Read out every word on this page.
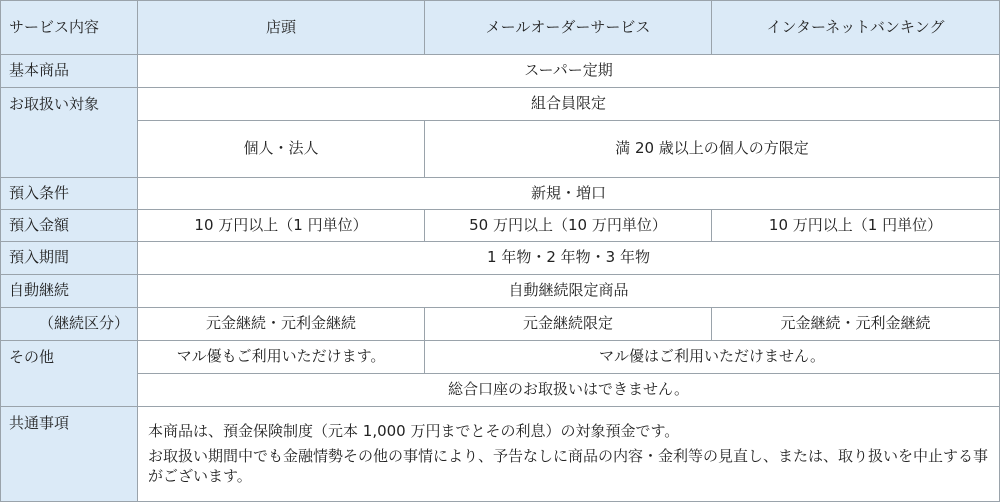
サービス内容	店頭	メールオーダーサービス	インターネットバンキング
基本商品	スーパー定期		
お取扱い対象	組合員限定		
	個人・法人	満 20 歳以上の個人の方限定	
預入条件	新規・増口		
預入金額	10 万円以上（1 円単位）	50 万円以上（10 万円単位）	10 万円以上（1 円単位）
預入期間	1 年物・2 年物・3 年物		
自動継続	自動継続限定商品		
（継続区分）	元金継続・元利金継続	元金継続限定	元金継続・元利金継続
その他	マル優もご利用いただけます。	マル優はご利用いただけません。	
	総合口座のお取扱いはできません。		
共通事項	本商品は、預金保険制度（元本 1,000 万円までとその利息）の対象預金です。

お取扱い期間中でも金融情勢その他の事情により、予告なしに商品の内容・金利等の見直し、または、取り扱いを中止する事がございます。		
